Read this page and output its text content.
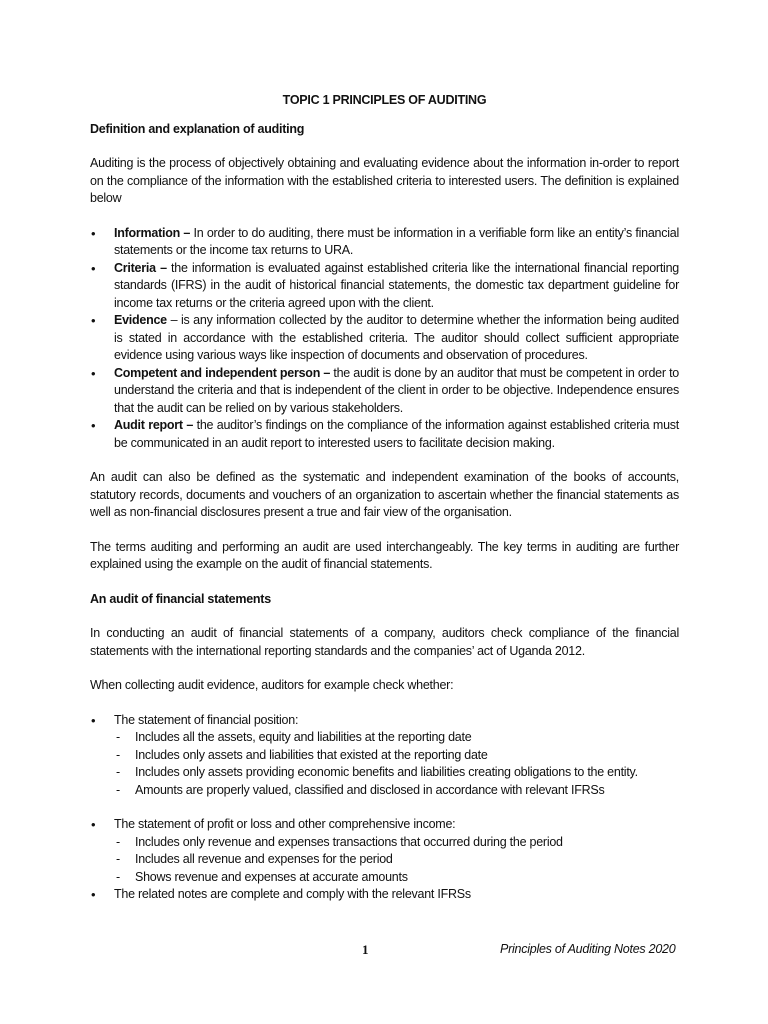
TOPIC 1 PRINCIPLES OF AUDITING
Definition and explanation of auditing

Auditing is the process of objectively obtaining and evaluating evidence about the information in-order to report on the compliance of the information with the established criteria to interested users. The definition is explained below

• Information – In order to do auditing, there must be information in a verifiable form like an entity’s financial statements or the income tax returns to URA.
• Criteria – the information is evaluated against established criteria like the international financial reporting standards (IFRS) in the audit of historical financial statements, the domestic tax department guideline for income tax returns or the criteria agreed upon with the client.
• Evidence – is any information collected by the auditor to determine whether the information being audited is stated in accordance with the established criteria. The auditor should collect sufficient appropriate evidence using various ways like inspection of documents and observation of procedures.
• Competent and independent person – the audit is done by an auditor that must be competent in order to understand the criteria and that is independent of the client in order to be objective. Independence ensures that the audit can be relied on by various stakeholders.
• Audit report – the auditor’s findings on the compliance of the information against established criteria must be communicated in an audit report to interested users to facilitate decision making.

An audit can also be defined as the systematic and independent examination of the books of accounts, statutory records, documents and vouchers of an organization to ascertain whether the financial statements as well as non-financial disclosures present a true and fair view of the organisation.

The terms auditing and performing an audit are used interchangeably. The key terms in auditing are further explained using the example on the audit of financial statements.

An audit of financial statements

In conducting an audit of financial statements of a company, auditors check compliance of the financial statements with the international reporting standards and the companies’ act of Uganda 2012.

When collecting audit evidence, auditors for example check whether:

• The statement of financial position:
- Includes all the assets, equity and liabilities at the reporting date
- Includes only assets and liabilities that existed at the reporting date
- Includes only assets providing economic benefits and liabilities creating obligations to the entity.
- Amounts are properly valued, classified and disclosed in accordance with relevant IFRSs
• The statement of profit or loss and other comprehensive income:
- Includes only revenue and expenses transactions that occurred during the period
- Includes all revenue and expenses for the period
- Shows revenue and expenses at accurate amounts
• The related notes are complete and comply with the relevant IFRSs
1	Principles of Auditing Notes 2020
